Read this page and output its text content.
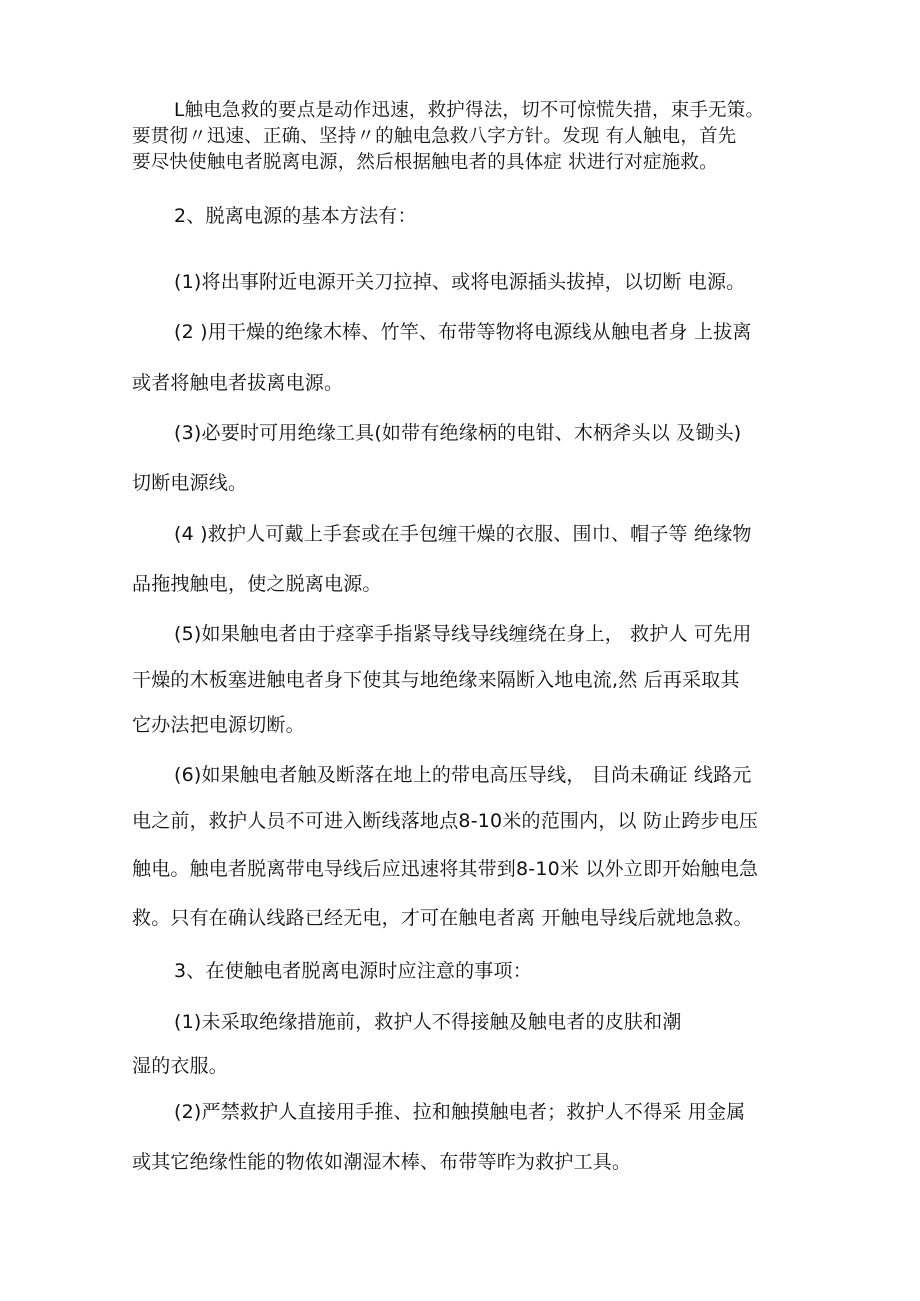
L触电急救的要点是动作迅速，救护得法，切不可惊慌失措，束手无策。
要贯彻〃迅速、正确、坚持〃的触电急救八字方针。发现 有人触电，首先
要尽快使触电者脱离电源，然后根据触电者的具体症 状进行对症施救。
2、脱离电源的基本方法有：
(1)将出事附近电源开关刀拉掉、或将电源插头拔掉，以切断 电源。
(2 )用干燥的绝缘木棒、竹竿、布带等物将电源线从触电者身 上拔离
或者将触电者拔离电源。
(3)必要时可用绝缘工具(如带有绝缘柄的电钳、木柄斧头以 及锄头)
切断电源线。
(4 )救护人可戴上手套或在手包缠干燥的衣服、围巾、帽子等 绝缘物
品拖拽触电，使之脱离电源。
(5)如果触电者由于痉挛手指紧导线导线缠绕在身上， 救护人 可先用
干燥的木板塞进触电者身下使其与地绝缘来隔断入地电流,然 后再采取其
它办法把电源切断。
(6)如果触电者触及断落在地上的带电高压导线， 目尚未确证 线路元
电之前，救护人员不可进入断线落地点8-10米的范围内，以 防止跨步电压
触电。触电者脱离带电导线后应迅速将其带到8-10米 以外立即开始触电急
救。只有在确认线路已经无电，才可在触电者离 开触电导线后就地急救。
3、在使触电者脱离电源时应注意的事项：
(1)未采取绝缘措施前，救护人不得接触及触电者的皮肤和潮
湿的衣服。
(2)严禁救护人直接用手推、拉和触摸触电者；救护人不得采 用金属
或其它绝缘性能的物侬如潮湿木棒、布带等昨为救护工具。
